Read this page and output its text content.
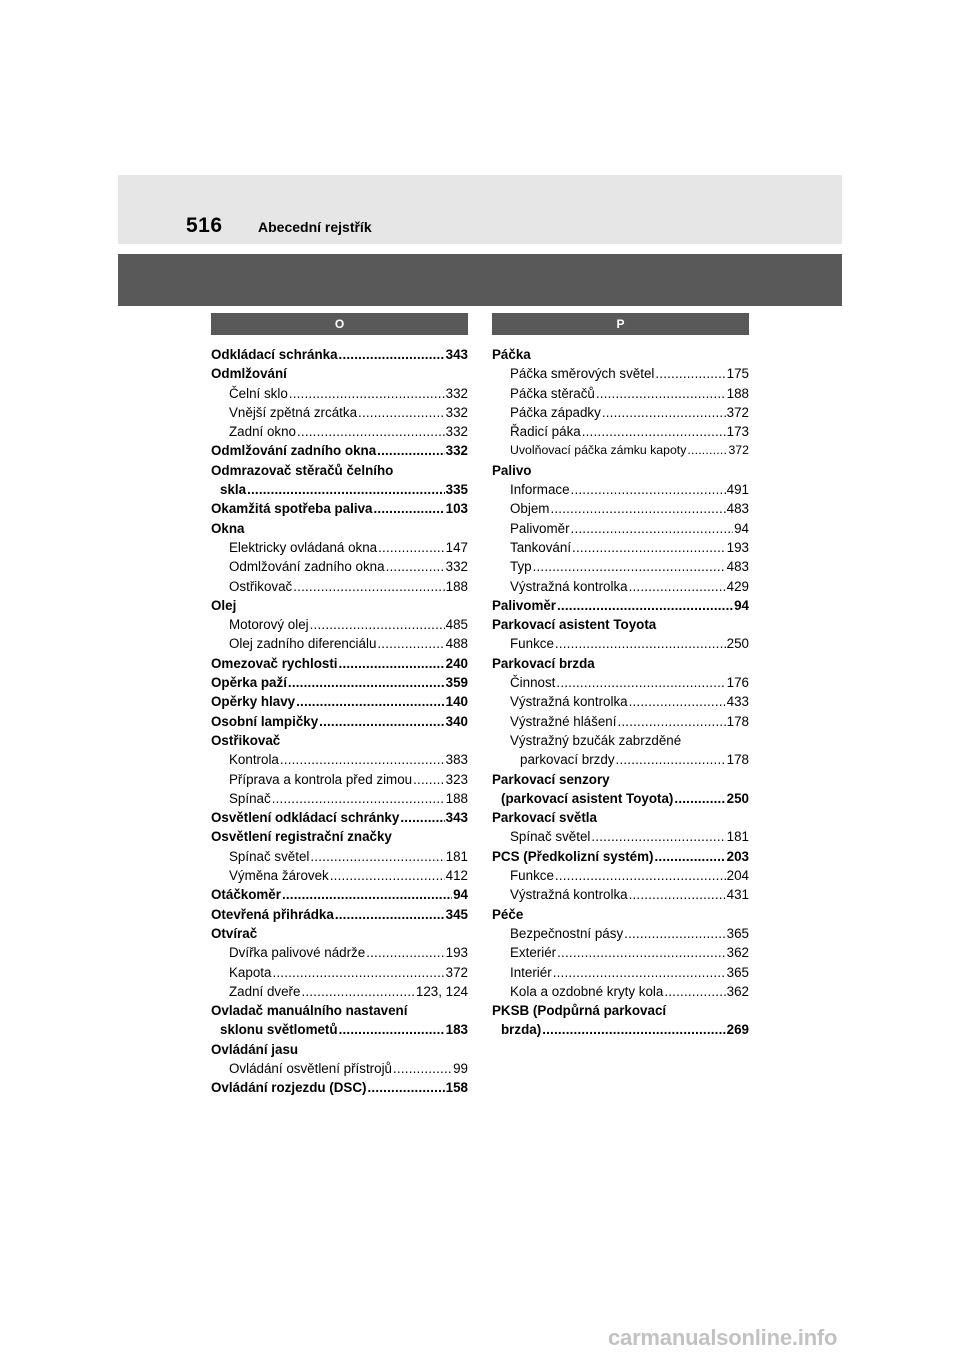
516	Abecední rejstřík
O	P
Odkládací schránka .....	343
Odmlžování
Čelní sklo .....	332
Vnější zpětná zrcátka .....	332
Zadní okno .....	332
Odmlžování zadního okna .....	332
Odmrazovač stěračů čelního
skla .....	335
Okamžitá spotřeba paliva .....	103
Okna
Elektricky ovládaná okna .....	147
Odmlžování zadního okna .....	332
Ostřikovač .....	188
Olej
Motorový olej .....	485
Olej zadního diferenciálu .....	488
Omezovač rychlosti .....	240
Opěrka paží .....	359
Opěrky hlavy .....	140
Osobní lampičky .....	340
Ostřikovač
Kontrola .....	383
Příprava a kontrola před zimou .....	323
Spínač .....	188
Osvětlení odkládací schránky .....	343
Osvětlení registrační značky
Spínač světel .....	181
Výměna žárovek .....	412
Otáčkoměr .....	94
Otevřená přihrádka .....	345
Otvírač
Dvířka palivové nádrže .....	193
Kapota .....	372
Zadní dveře .....	123, 124
Ovladač manuálního nastavení
sklonu světlometů .....	183
Ovládání jasu
Ovládání osvětlení přístrojů .....	99
Ovládání rozjezdu (DSC) .....	158
Páčka
Páčka směrových světel .....	175
Páčka stěračů .....	188
Páčka západky .....	372
Řadicí páka .....	173
Uvolňovací páčka zámku kapoty .....	372
Palivo
Informace .....	491
Objem .....	483
Palivoměr .....	94
Tankování .....	193
Typ .....	483
Výstražná kontrolka .....	429
Palivoměr .....	94
Parkovací asistent Toyota
Funkce .....	250
Parkovací brzda
Činnost .....	176
Výstražná kontrolka .....	433
Výstražné hlášení .....	178
Výstražný bzučák zabrzděné
parkovací brzdy .....	178
Parkovací senzory
(parkovací asistent Toyota) .....	250
Parkovací světla
Spínač světel .....	181
PCS (Předkolizní systém) .....	203
Funkce .....	204
Výstražná kontrolka .....	431
Péče
Bezpečnostní pásy .....	365
Exteriér .....	362
Interiér .....	365
Kola a ozdobné kryty kola .....	362
PKSB (Podpůrná parkovací
brzda) .....	269
carmanualsonline.info
